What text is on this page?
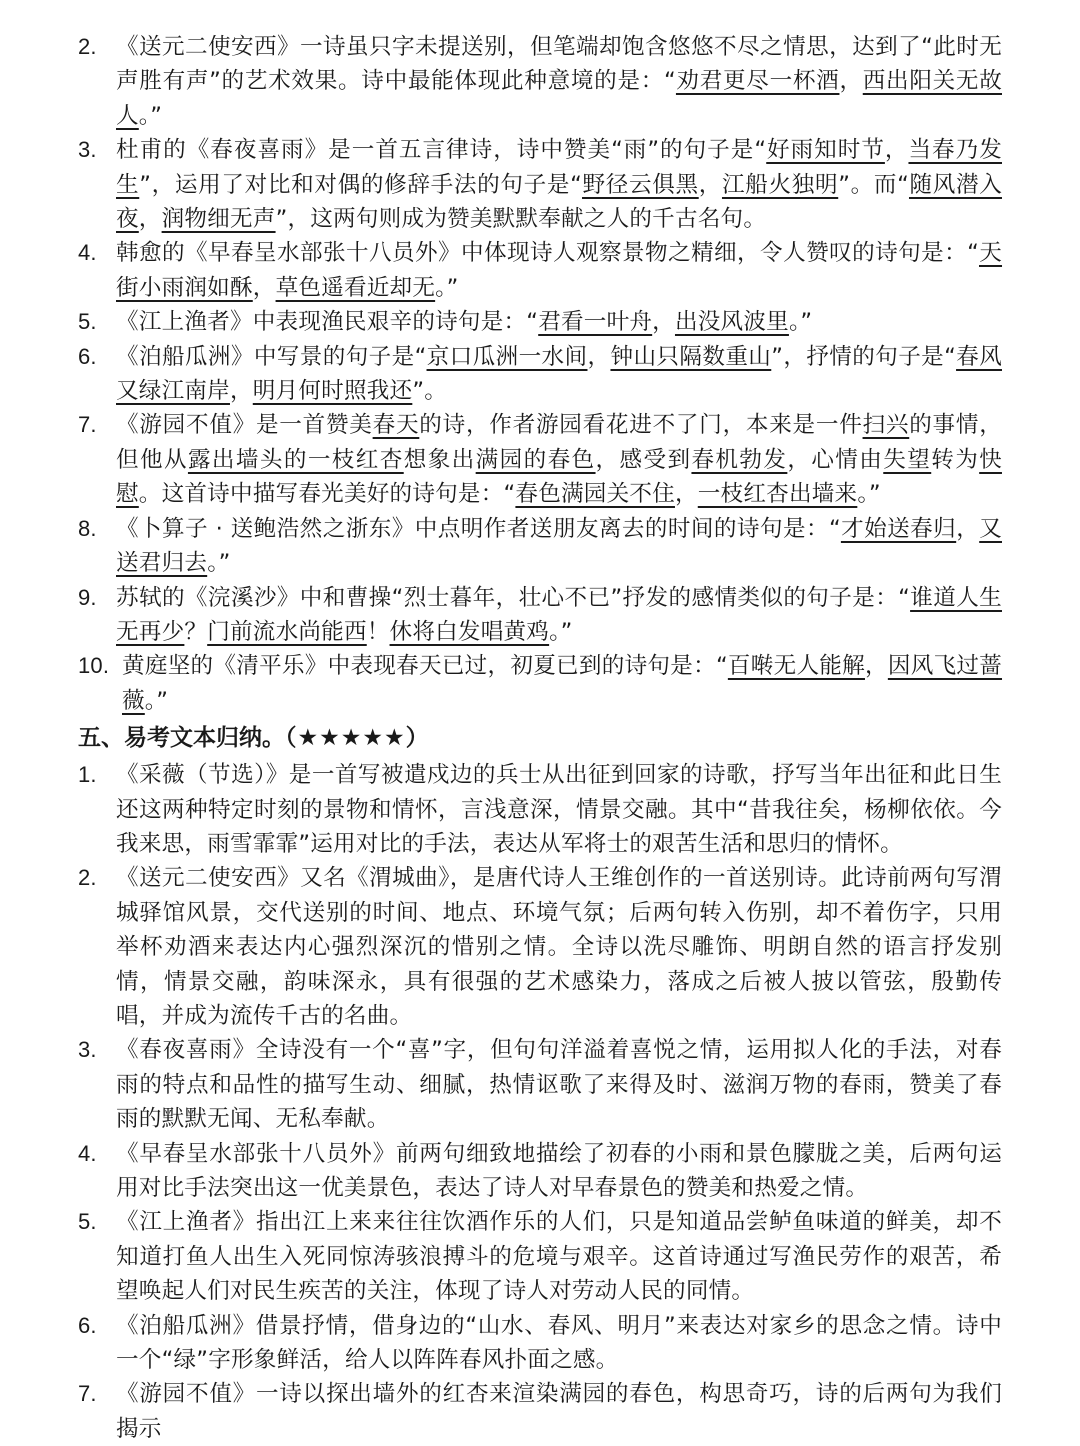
2. 《送元二使安西》一诗虽只字未提送别，但笔端却饱含悠悠不尽之情思，达到了“此时无声胜有声”的艺术效果。诗中最能体现此种意境的是：“劝君更尽一杯酒，西出阳关无故人。”
3. 杜甫的《春夜喜雨》是一首五言律诗，诗中赞美“雨”的句子是“好雨知时节，当春乃发生”，运用了对比和对偶的修辞手法的句子是“野径云俱黑，江船火独明”。而“随风潜入夜，润物细无声”，这两句则成为赞美默默奉献之人的千古名句。
4. 韩愈的《早春呈水部张十八员外》中体现诗人观察景物之精细，令人赞叹的诗句是：“天街小雨润如酥，草色遥看近却无。”
5. 《江上渔者》中表现渔民艰辛的诗句是：“君看一叶舟，出没风波里。”
6. 《泊船瓜洲》中写景的句子是“京口瓜洲一水间，钟山只隔数重山”，抒情的句子是“春风又绿江南岸，明月何时照我还”。
7. 《游园不值》是一首赞美春天的诗，作者游园看花进不了门，本来是一件扫兴的事情，但他从露出墙头的一枝红杏想象出满园的春色，感受到春机勃发，心情由失望转为快慰。这首诗中描写春光美好的诗句是：“春色满园关不住，一枝红杏出墙来。”
8. 《卜算子 · 送鲍浩然之浙东》中点明作者送朋友离去的时间的诗句是：“才始送春归，又送君归去。”
9. 苏轼的《浣溪沙》中和曹操“烈士暮年，壮心不已”抒发的感情类似的句子是：“谁道人生无再少？门前流水尚能西！休将白发唱黄鸡。”
10. 黄庭坚的《清平乐》中表现春天已过，初夏已到的诗句是：“百啭无人能解，因风飞过蔷薇。”
五、易考文本归纳。（★★★★★）
1. 《采薇（节选）》是一首写被遣戍边的兵士从出征到回家的诗歌，抒写当年出征和此日生还这两种特定时刻的景物和情怀，言浅意深，情景交融。其中“昔我往矣，杨柳依依。今我来思，雨雪霏霏”运用对比的手法，表达从军将士的艰苦生活和思归的情怀。
2. 《送元二使安西》又名《渭城曲》，是唐代诗人王维创作的一首送别诗。此诗前两句写渭城驿馆风景，交代送别的时间、地点、环境气氛；后两句转入伤别，却不着伤字，只用举杯劝酒来表达内心强烈深沉的惜别之情。全诗以洗尽雕饰、明朗自然的语言抒发别情，情景交融，韵味深永，具有很强的艺术感染力，落成之后被人披以管弦，殷勤传唱，并成为流传千古的名曲。
3. 《春夜喜雨》全诗没有一个“喜”字，但句句洋溢着喜悦之情，运用拟人化的手法，对春雨的特点和品性的描写生动、细腻，热情讴歌了来得及时、滋润万物的春雨，赞美了春雨的默默无闻、无私奉献。
4. 《早春呈水部张十八员外》前两句细致地描绘了初春的小雨和景色朦胧之美，后两句运用对比手法突出这一优美景色，表达了诗人对早春景色的赞美和热爱之情。
5. 《江上渔者》指出江上来来往往饮酒作乐的人们，只是知道品尝鲈鱼味道的鲜美，却不知道打鱼人出生入死同惊涛骇浪搏斗的危境与艰辛。这首诗通过写渔民劳作的艰苦，希望唤起人们对民生疾苦的关注，体现了诗人对劳动人民的同情。
6. 《泊船瓜洲》借景抒情，借身边的“山水、春风、明月”来表达对家乡的思念之情。诗中一个“绿”字形象鲜活，给人以阵阵春风扑面之感。
7. 《游园不值》一诗以探出墙外的红杏来渲染满园的春色，构思奇巧，诗的后两句为我们揭示
